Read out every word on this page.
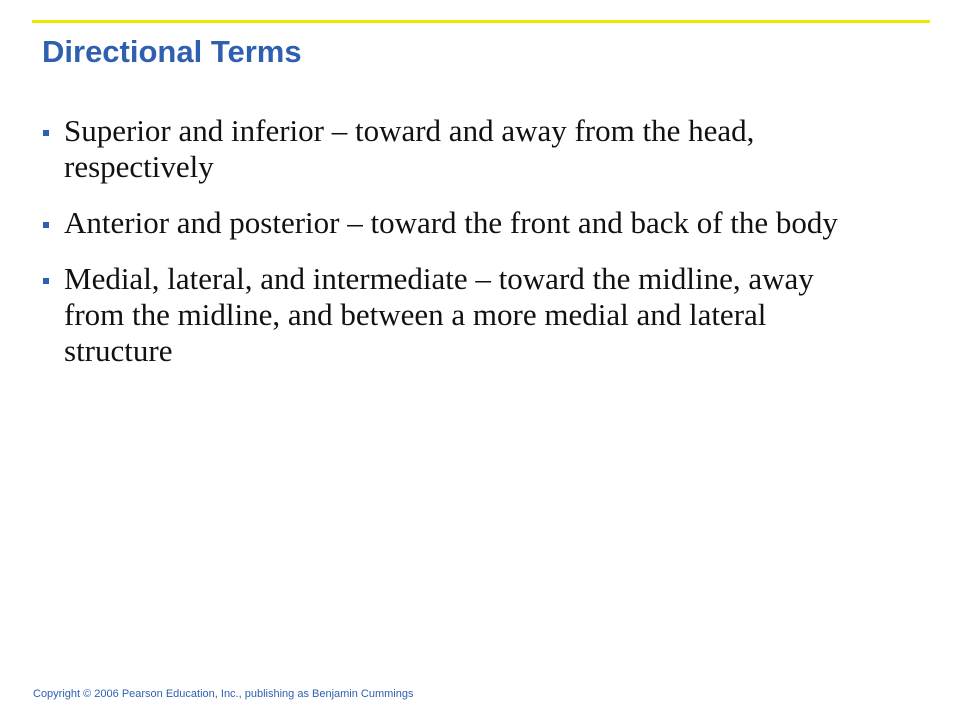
Directional Terms
Superior and inferior – toward and away from the head, respectively
Anterior and posterior – toward the front and back of the body
Medial, lateral, and intermediate – toward the midline, away from the midline, and between a more medial and lateral structure
Copyright © 2006 Pearson Education, Inc., publishing as Benjamin Cummings
